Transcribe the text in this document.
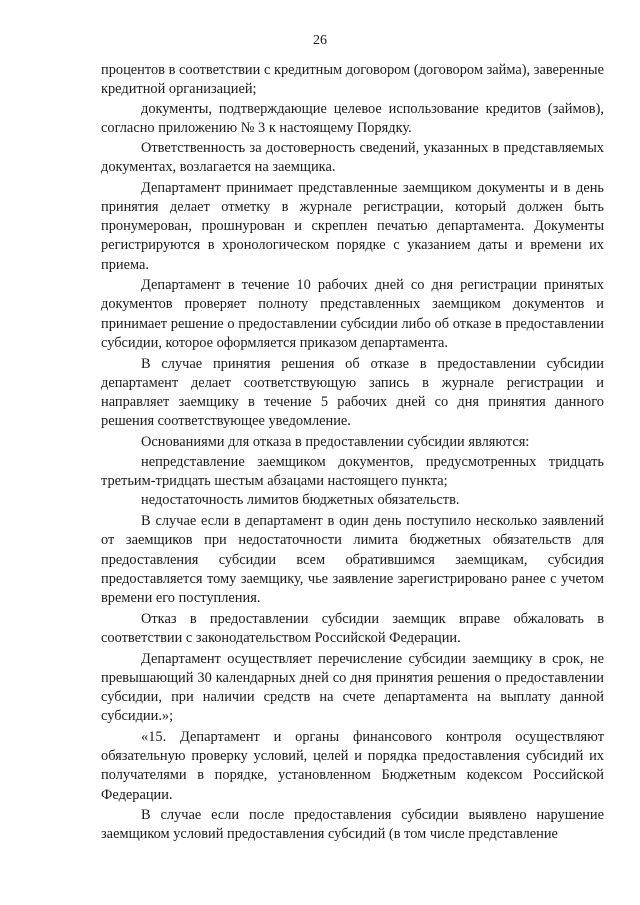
26

процентов в соответствии с кредитным договором (договором займа), заверенные кредитной организацией;

документы, подтверждающие целевое использование кредитов (займов), согласно приложению № 3 к настоящему Порядку.

Ответственность за достоверность сведений, указанных в представляемых документах, возлагается на заемщика.

Департамент принимает представленные заемщиком документы и в день принятия делает отметку в журнале регистрации, который должен быть пронумерован, прошнурован и скреплен печатью департамента. Документы регистрируются в хронологическом порядке с указанием даты и времени их приема.

Департамент в течение 10 рабочих дней со дня регистрации принятых документов проверяет полноту представленных заемщиком документов и принимает решение о предоставлении субсидии либо об отказе в предоставлении субсидии, которое оформляется приказом департамента.

В случае принятия решения об отказе в предоставлении субсидии департамент делает соответствующую запись в журнале регистрации и направляет заемщику в течение 5 рабочих дней со дня принятия данного решения соответствующее уведомление.

Основаниями для отказа в предоставлении субсидии являются:

непредставление заемщиком документов, предусмотренных тридцать третьим-тридцать шестым абзацами настоящего пункта;

недостаточность лимитов бюджетных обязательств.

В случае если в департамент в один день поступило несколько заявлений от заемщиков при недостаточности лимита бюджетных обязательств для предоставления субсидии всем обратившимся заемщикам, субсидия предоставляется тому заемщику, чье заявление зарегистрировано ранее с учетом времени его поступления.

Отказ в предоставлении субсидии заемщик вправе обжаловать в соответствии с законодательством Российской Федерации.

Департамент осуществляет перечисление субсидии заемщику в срок, не превышающий 30 календарных дней со дня принятия решения о предоставлении субсидии, при наличии средств на счете департамента на выплату данной субсидии.»;

«15. Департамент и органы финансового контроля осуществляют обязательную проверку условий, целей и порядка предоставления субсидий их получателями в порядке, установленном Бюджетным кодексом Российской Федерации.

В случае если после предоставления субсидии выявлено нарушение заемщиком условий предоставления субсидий (в том числе представление
